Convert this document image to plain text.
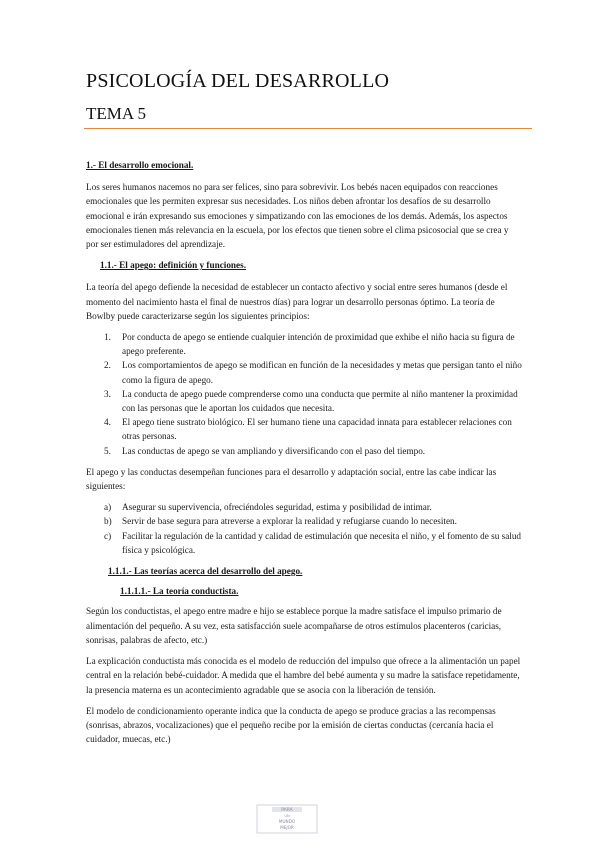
PSICOLOGÍA DEL DESARROLLO
TEMA 5

1.- El desarrollo emocional.

Los seres humanos nacemos no para ser felices, sino para sobrevivir. Los bebés nacen equipados con reacciones emocionales que les permiten expresar sus necesidades. Los niños deben afrontar los desafíos de su desarrollo emocional e irán expresando sus emociones y simpatizando con las emociones de los demás. Además, los aspectos emocionales tienen más relevancia en la escuela, por los efectos que tienen sobre el clima psicosocial que se crea y por ser estimuladores del aprendizaje.

1.1.- El apego: definición y funciones.

La teoría del apego defiende la necesidad de establecer un contacto afectivo y social entre seres humanos (desde el momento del nacimiento hasta el final de nuestros días) para lograr un desarrollo personas óptimo. La teoría de Bowlby puede caracterizarse según los siguientes principios:

1. Por conducta de apego se entiende cualquier intención de proximidad que exhibe el niño hacia su figura de apego preferente.
2. Los comportamientos de apego se modifican en función de la necesidades y metas que persigan tanto el niño como la figura de apego.
3. La conducta de apego puede comprenderse como una conducta que permite al niño mantener la proximidad con las personas que le aportan los cuidados que necesita.
4. El apego tiene sustrato biológico. El ser humano tiene una capacidad innata para establecer relaciones con otras personas.
5. Las conductas de apego se van ampliando y diversificando con el paso del tiempo.

El apego y las conductas desempeñan funciones para el desarrollo y adaptación social, entre las cabe indicar las siguientes:

a) Asegurar su supervivencia, ofreciéndoles seguridad, estima y posibilidad de intimar.
b) Servir de base segura para atreverse a explorar la realidad y refugiarse cuando lo necesiten.
c) Facilitar la regulación de la cantidad y calidad de estimulación que necesita el niño, y el fomento de su salud física y psicológica.

1.1.1.- Las teorías acerca del desarrollo del apego.

1.1.1.1.- La teoría conductista.

Según los conductistas, el apego entre madre e hijo se establece porque la madre satisface el impulso primario de alimentación del pequeño. A su vez, esta satisfacción suele acompañarse de otros estímulos placenteros (caricias, sonrisas, palabras de afecto, etc.)

La explicación conductista más conocida es el modelo de reducción del impulso que ofrece a la alimentación un papel central en la relación bebé-cuidador. A medida que el hambre del bebé aumenta y su madre la satisface repetidamente, la presencia materna es un acontecimiento agradable que se asocia con la liberación de tensión.

El modelo de condicionamiento operante indica que la conducta de apego se produce gracias a las recompensas (sonrisas, abrazos, vocalizaciones) que el pequeño recibe por la emisión de ciertas conductas (cercanía hacia el cuidador, muecas, etc.)

PARA
UN
MUNDO
MEJOR
